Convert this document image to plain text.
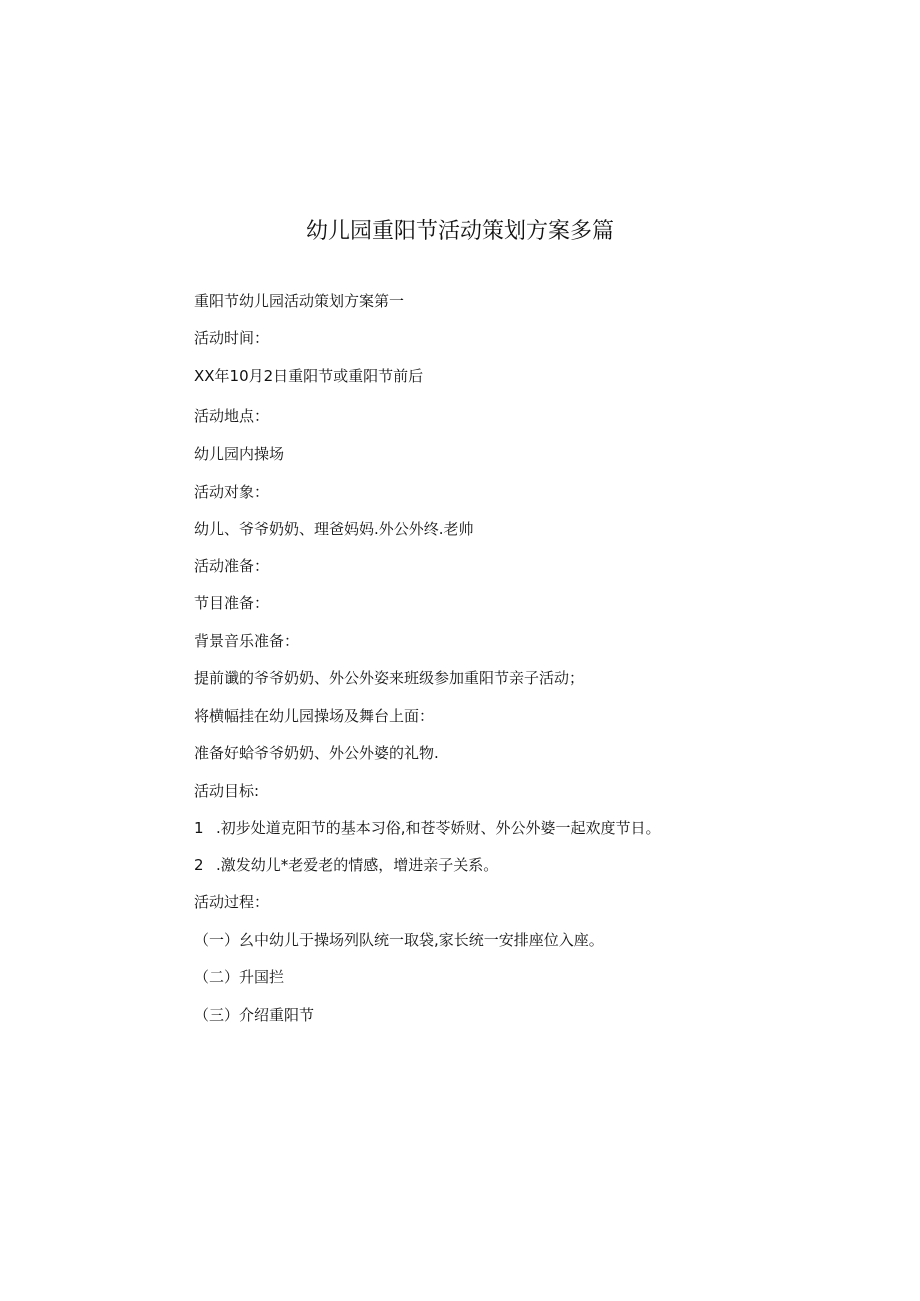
幼儿园重阳节活动策划方案多篇
重阳节幼儿园活动策划方案第一
活动时间：
XX年10月2日重阳节或重阳节前后
活动地点：
幼儿园内操场
活动对象：
幼儿、爷爷奶奶、理爸妈妈.外公外终.老帅
活动准备：
节目准备：
背景音乐准备：
提前谶的爷爷奶奶、外公外姿来班级参加重阳节亲子活动；
将横幅挂在幼儿园操场及舞台上面：
准备好蛤爷爷奶奶、外公外婆的礼物.
活动目标:
1 .初步处道克阳节的基本习俗,和苍苓娇财、外公外婆一起欢度节日。
2 .激发幼儿*老爱老的情感，增进亲子关系。
活动过程：
（一）幺中幼儿于操场列队统一取袋,家长统一安排座位入座。
（二）升国拦
（三）介绍重阳节
